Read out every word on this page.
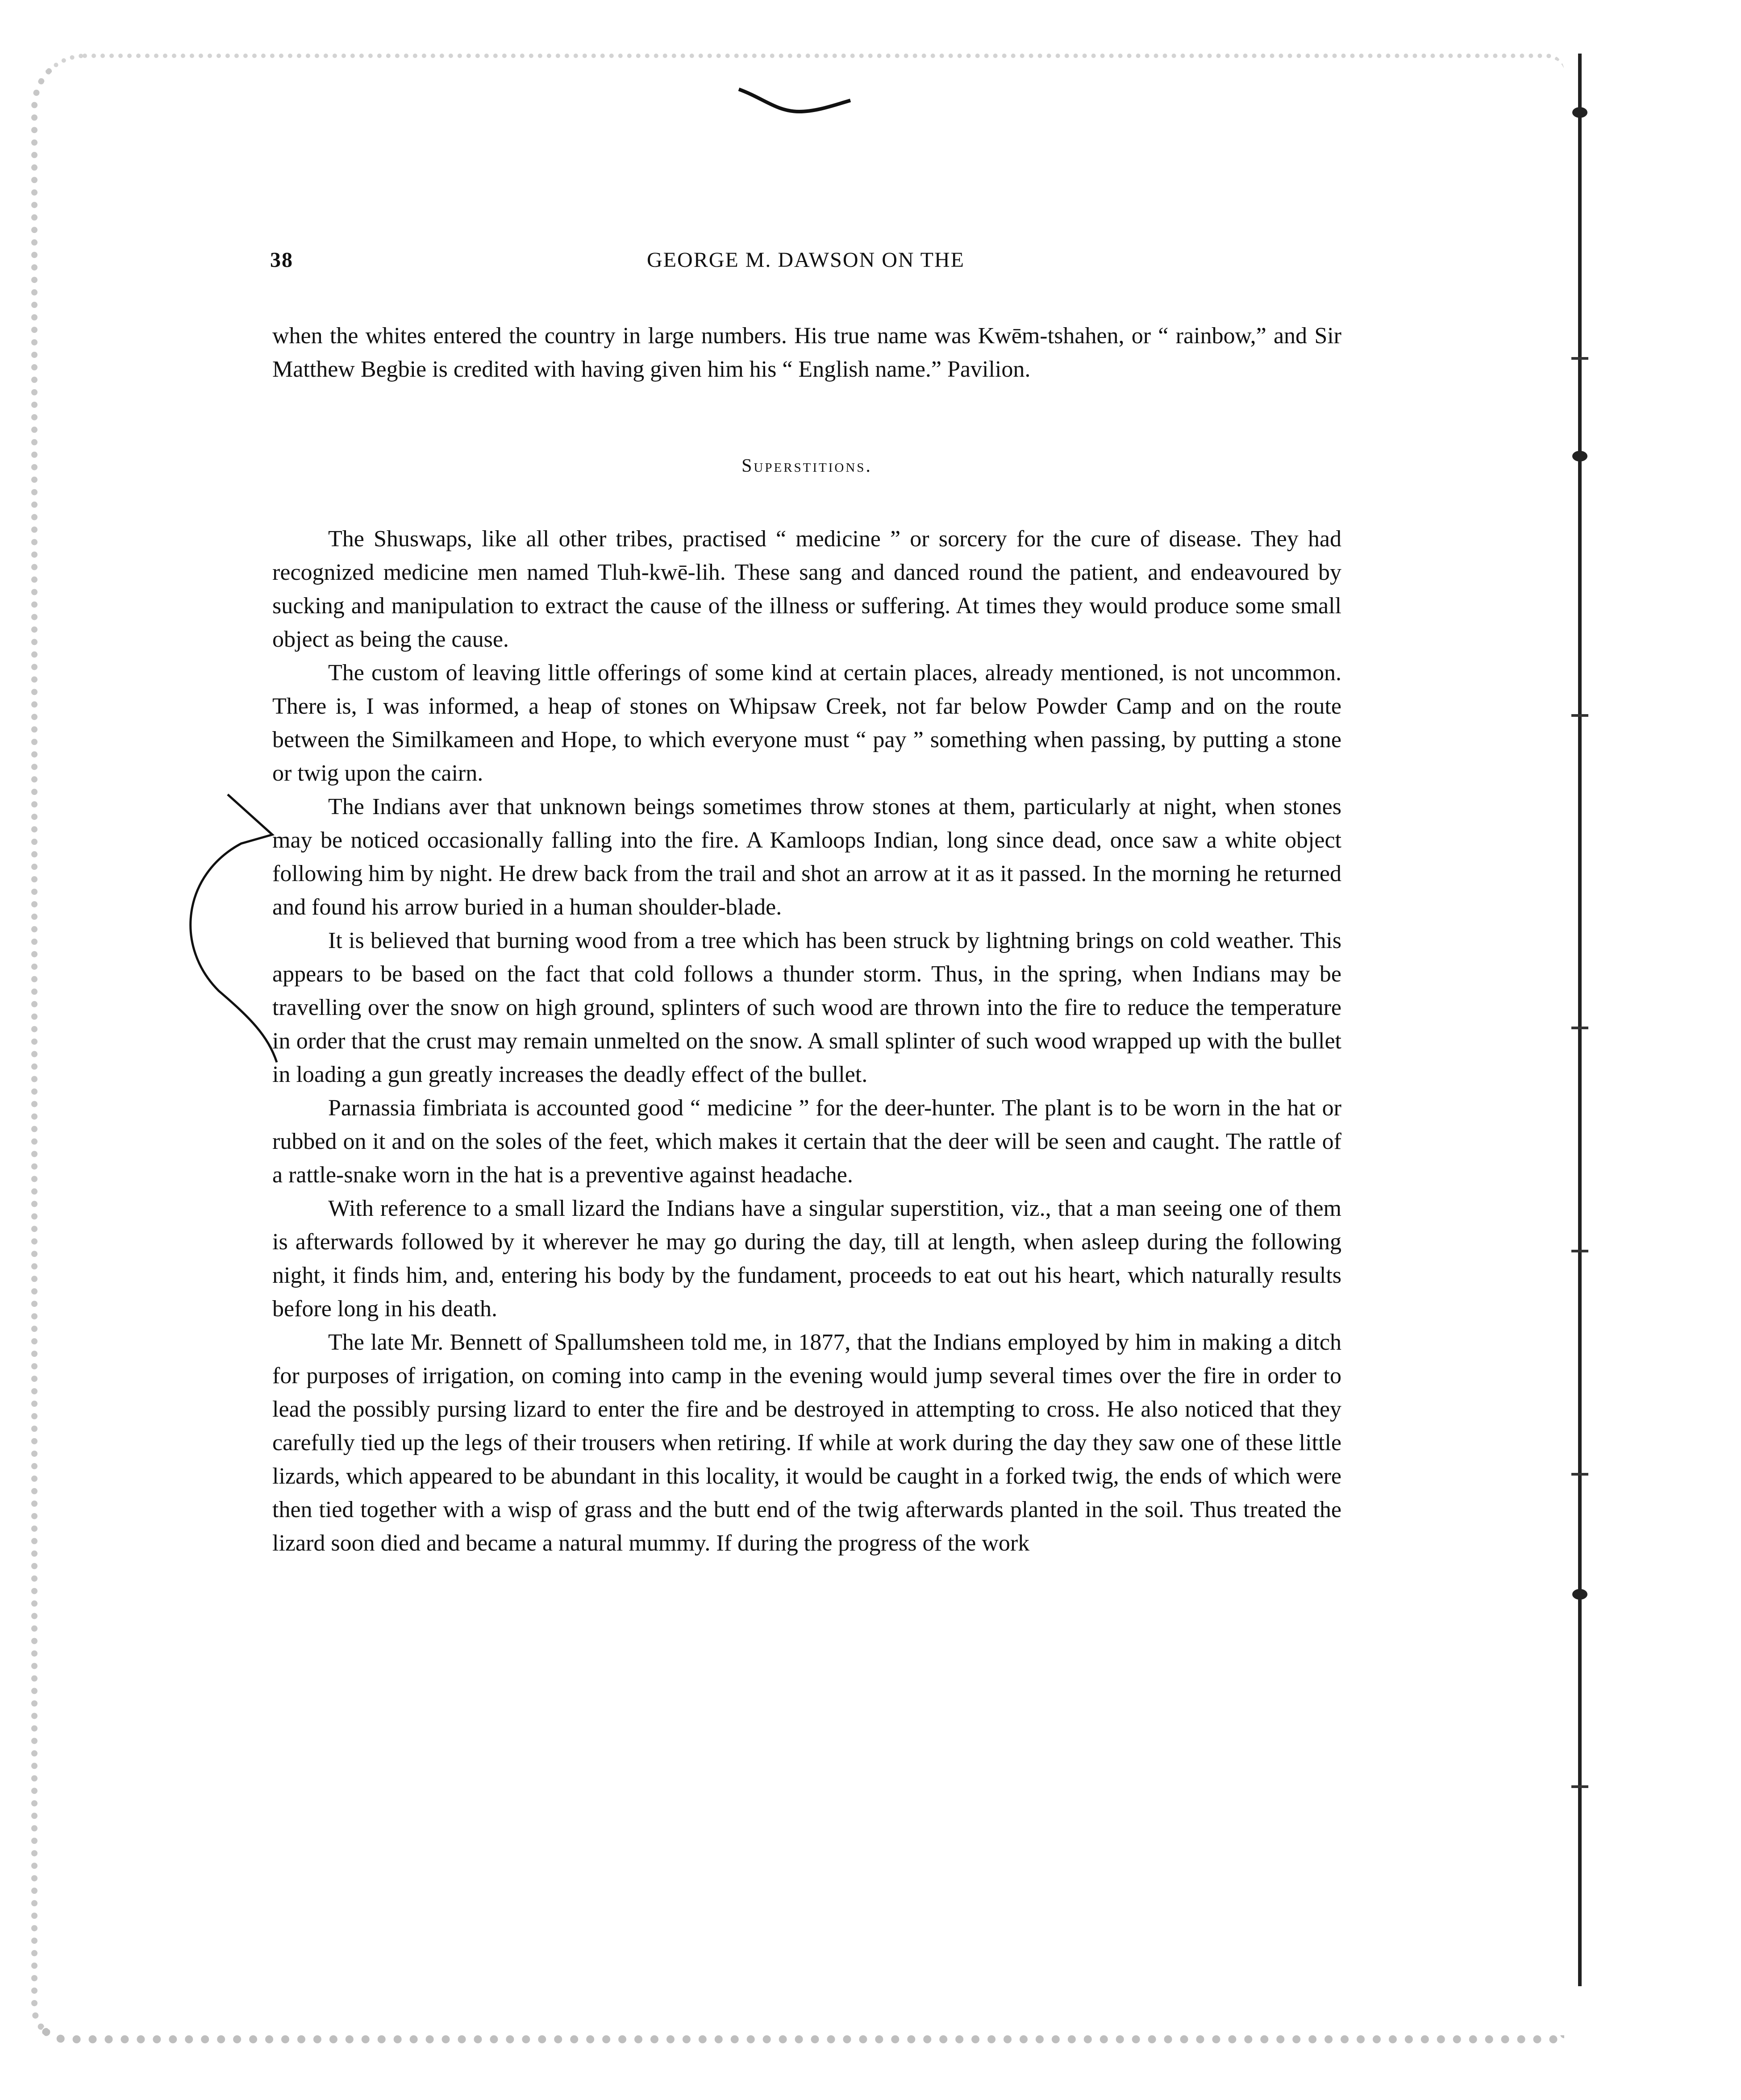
38	GEORGE M. DAWSON ON THE

when the whites entered the country in large numbers. His true name was Kwēm-tshahen, or “ rainbow,” and Sir Matthew Begbie is credited with having given him his “ English name.” Pavilion.

Superstitions.

The Shuswaps, like all other tribes, practised “ medicine ” or sorcery for the cure of disease. They had recognized medicine men named Tluh-kwē-lih. These sang and danced round the patient, and endeavoured by sucking and manipulation to extract the cause of the illness or suffering. At times they would produce some small object as being the cause.

The custom of leaving little offerings of some kind at certain places, already mentioned, is not uncommon. There is, I was informed, a heap of stones on Whipsaw Creek, not far below Powder Camp and on the route between the Similkameen and Hope, to which everyone must “ pay ” something when passing, by putting a stone or twig upon the cairn.

The Indians aver that unknown beings sometimes throw stones at them, particularly at night, when stones may be noticed occasionally falling into the fire. A Kamloops Indian, long since dead, once saw a white object following him by night. He drew back from the trail and shot an arrow at it as it passed. In the morning he returned and found his arrow buried in a human shoulder-blade.

It is believed that burning wood from a tree which has been struck by lightning brings on cold weather. This appears to be based on the fact that cold follows a thunder storm. Thus, in the spring, when Indians may be travelling over the snow on high ground, splinters of such wood are thrown into the fire to reduce the temperature in order that the crust may remain unmelted on the snow. A small splinter of such wood wrapped up with the bullet in loading a gun greatly increases the deadly effect of the bullet.

Parnassia fimbriata is accounted good “ medicine ” for the deer-hunter. The plant is to be worn in the hat or rubbed on it and on the soles of the feet, which makes it certain that the deer will be seen and caught. The rattle of a rattle-snake worn in the hat is a preventive against headache.

With reference to a small lizard the Indians have a singular superstition, viz., that a man seeing one of them is afterwards followed by it wherever he may go during the day, till at length, when asleep during the following night, it finds him, and, entering his body by the fundament, proceeds to eat out his heart, which naturally results before long in his death.

The late Mr. Bennett of Spallumsheen told me, in 1877, that the Indians employed by him in making a ditch for purposes of irrigation, on coming into camp in the evening would jump several times over the fire in order to lead the possibly pursing lizard to enter the fire and be destroyed in attempting to cross. He also noticed that they carefully tied up the legs of their trousers when retiring. If while at work during the day they saw one of these little lizards, which appeared to be abundant in this locality, it would be caught in a forked twig, the ends of which were then tied together with a wisp of grass and the butt end of the twig afterwards planted in the soil. Thus treated the lizard soon died and became a natural mummy. If during the progress of the work
